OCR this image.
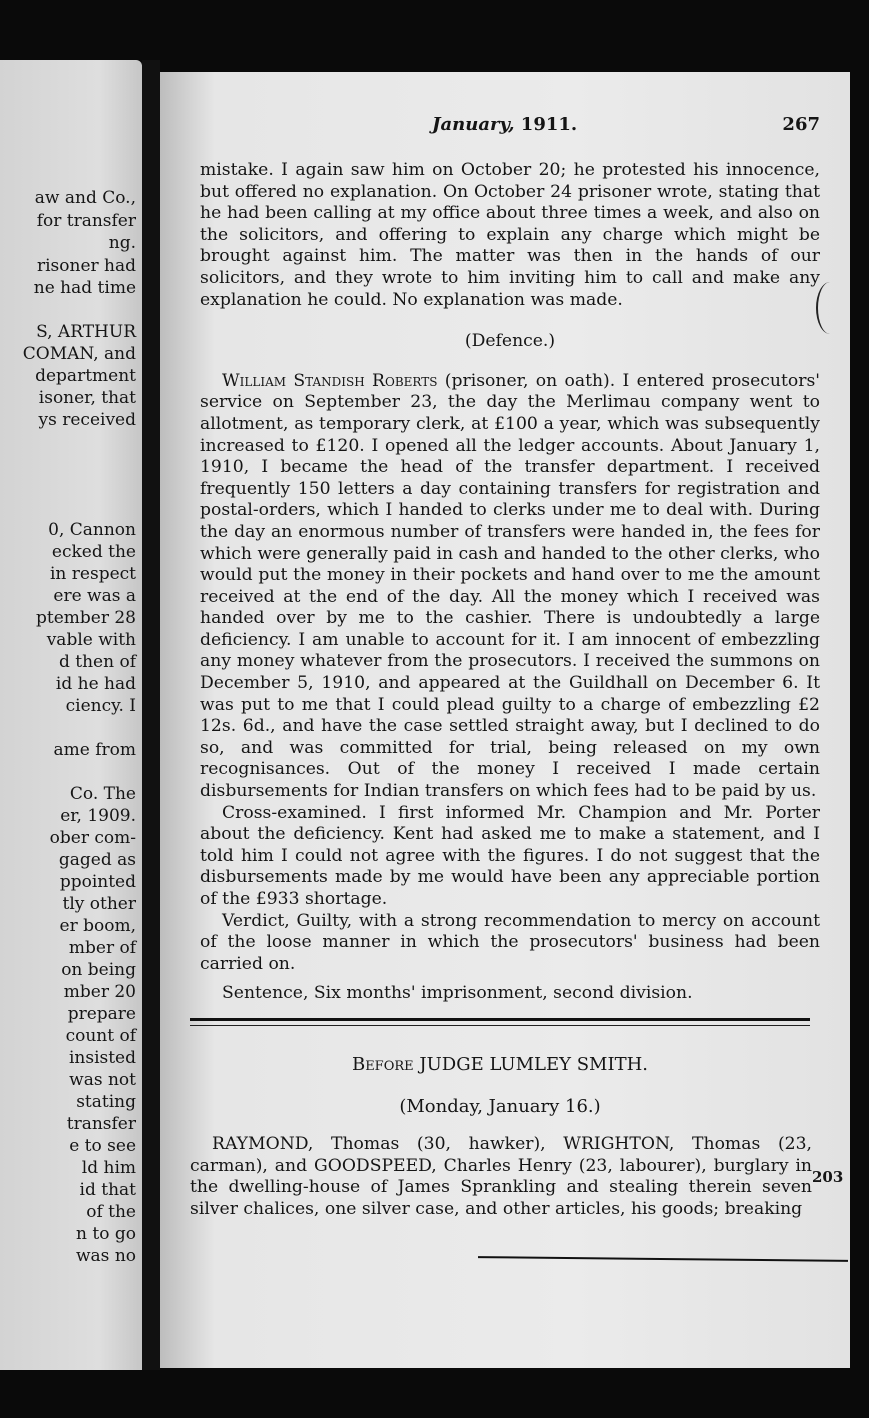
aw and Co.,
for transfer
ng.
risoner had
ne had time
S, ARTHUR
COMAN, and
department
isoner, that
ys received
0, Cannon
ecked the
in respect
ere was a
ptember 28
vable with
d then of
id he had
ciency. I
ame from
Co. The
er, 1909.
ober com-
gaged as
ppointed
tly other
er boom,
mber of
on being
mber 20
prepare
count of
insisted
was not
stating
transfer
e to see
ld him
id that
of the
n to go
was no
January, 1911.	267

mistake. I again saw him on October 20; he protested his innocence, but offered no explanation. On October 24 prisoner wrote, stating that he had been calling at my office about three times a week, and also on the solicitors, and offering to explain any charge which might be brought against him. The matter was then in the hands of our solicitors, and they wrote to him inviting him to call and make any explanation he could. No explanation was made.

(Defence.)

William Standish Roberts (prisoner, on oath). I entered prosecutors' service on September 23, the day the Merlimau company went to allotment, as temporary clerk, at £100 a year, which was subsequently increased to £120. I opened all the ledger accounts. About January 1, 1910, I became the head of the transfer department. I received frequently 150 letters a day containing transfers for registration and postal-orders, which I handed to clerks under me to deal with. During the day an enormous number of transfers were handed in, the fees for which were generally paid in cash and handed to the other clerks, who would put the money in their pockets and hand over to me the amount received at the end of the day. All the money which I received was handed over by me to the cashier. There is undoubtedly a large deficiency. I am unable to account for it. I am innocent of embezzling any money whatever from the prosecutors. I received the summons on December 5, 1910, and appeared at the Guildhall on December 6. It was put to me that I could plead guilty to a charge of embezzling £2 12s. 6d., and have the case settled straight away, but I declined to do so, and was committed for trial, being released on my own recognisances. Out of the money I received I made certain disbursements for Indian transfers on which fees had to be paid by us.

Cross-examined. I first informed Mr. Champion and Mr. Porter about the deficiency. Kent had asked me to make a statement, and I told him I could not agree with the figures. I do not suggest that the disbursements made by me would have been any appreciable portion of the £933 shortage.

Verdict, Guilty, with a strong recommendation to mercy on account of the loose manner in which the prosecutors' business had been carried on.

Sentence, Six months' imprisonment, second division.

Before JUDGE LUMLEY SMITH.
(Monday, January 16.)

RAYMOND, Thomas (30, hawker), WRIGHTON, Thomas (23, carman), and GOODSPEED, Charles Henry (23, labourer), burglary in the dwelling-house of James Sprankling and stealing therein seven silver chalices, one silver case, and other articles, his goods; breaking

203
